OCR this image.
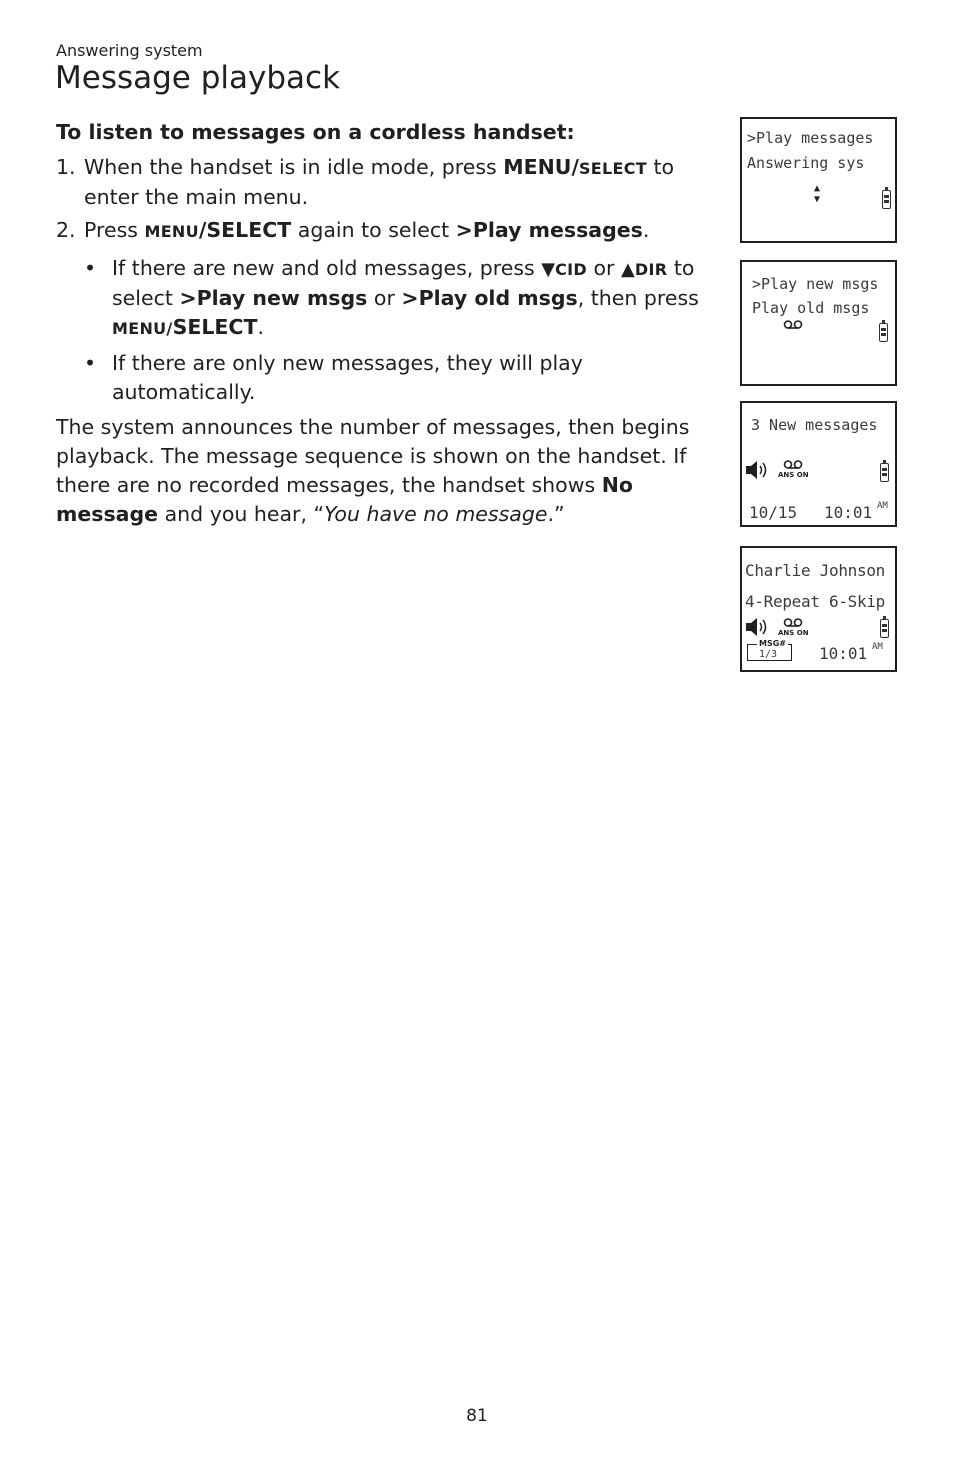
Answering system
Message playback

To listen to messages on a cordless handset:

1. When the handset is in idle mode, press MENU/SELECT to enter the main menu.

2. Press MENU/SELECT again to select >Play messages.

• If there are new and old messages, press ▼CID or ▲DIR to select >Play new msgs or >Play old msgs, then press MENU/SELECT.
• If there are only new messages, they will play automatically.

The system announces the number of messages, then begins playback. The message sequence is shown on the handset. If there are no recorded messages, the handset shows No message and you hear, “You have no message.”

>Play messages
Answering sys
▲▼
>Play new msgs
Play old msgs
3 New messages
ANS ON
10/15 10:01 AM
Charlie Johnson
4-Repeat 6-Skip
ANS ON
MSG#
1/3	10:01 AM
81
